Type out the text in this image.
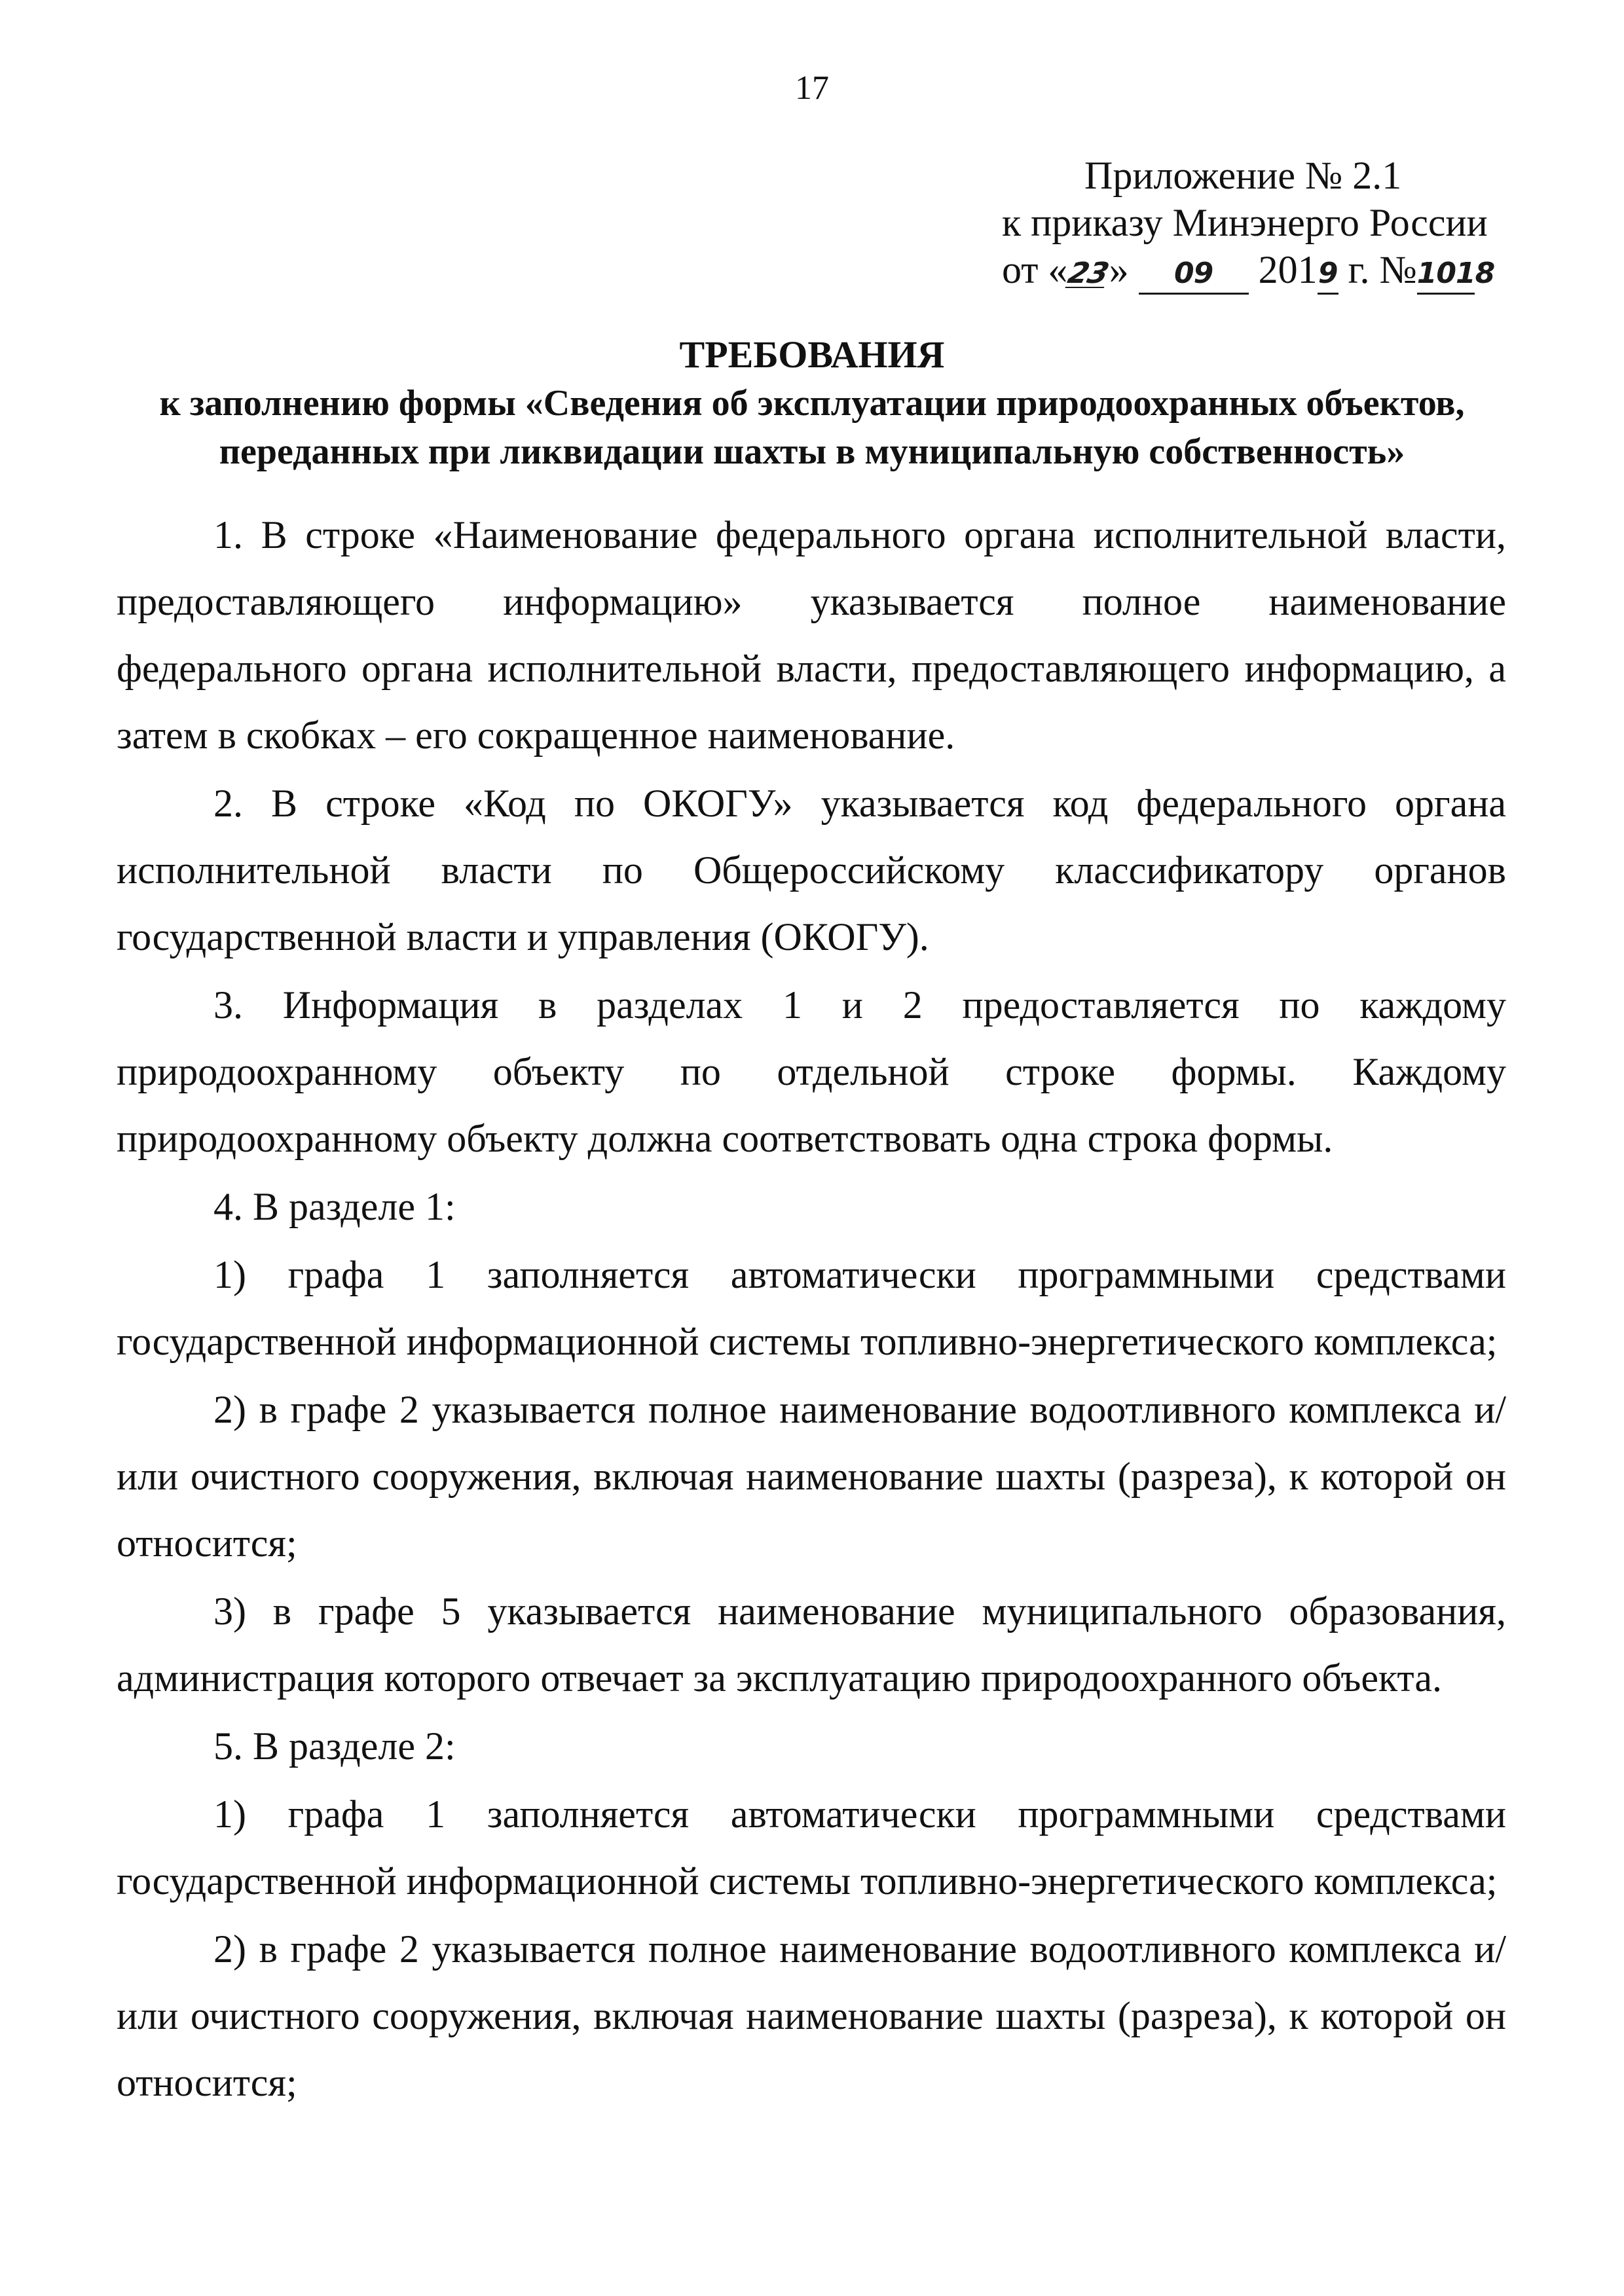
17
Приложение № 2.1
к приказу Минэнерго России
от «23» 09 2019 г. №1018
ТРЕБОВАНИЯ
к заполнению формы «Сведения об эксплуатации природоохранных объектов, переданных при ликвидации шахты в муниципальную собственность»

1. В строке «Наименование федерального органа исполнительной власти, предоставляющего информацию» указывается полное наименование федерального органа исполнительной власти, предоставляющего информацию, а затем в скобках – его сокращенное наименование.

2. В строке «Код по ОКОГУ» указывается код федерального органа исполнительной власти по Общероссийскому классификатору органов государственной власти и управления (ОКОГУ).

3. Информация в разделах 1 и 2 предоставляется по каждому природоохранному объекту по отдельной строке формы. Каждому природоохранному объекту должна соответствовать одна строка формы.

4. В разделе 1:

1) графа 1 заполняется автоматически программными средствами государственной информационной системы топливно-энергетического комплекса;

2) в графе 2 указывается полное наименование водоотливного комплекса и/или очистного сооружения, включая наименование шахты (разреза), к которой он относится;

3) в графе 5 указывается наименование муниципального образования, администрация которого отвечает за эксплуатацию природоохранного объекта.

5. В разделе 2:

1) графа 1 заполняется автоматически программными средствами государственной информационной системы топливно-энергетического комплекса;

2) в графе 2 указывается полное наименование водоотливного комплекса и/или очистного сооружения, включая наименование шахты (разреза), к которой он относится;
